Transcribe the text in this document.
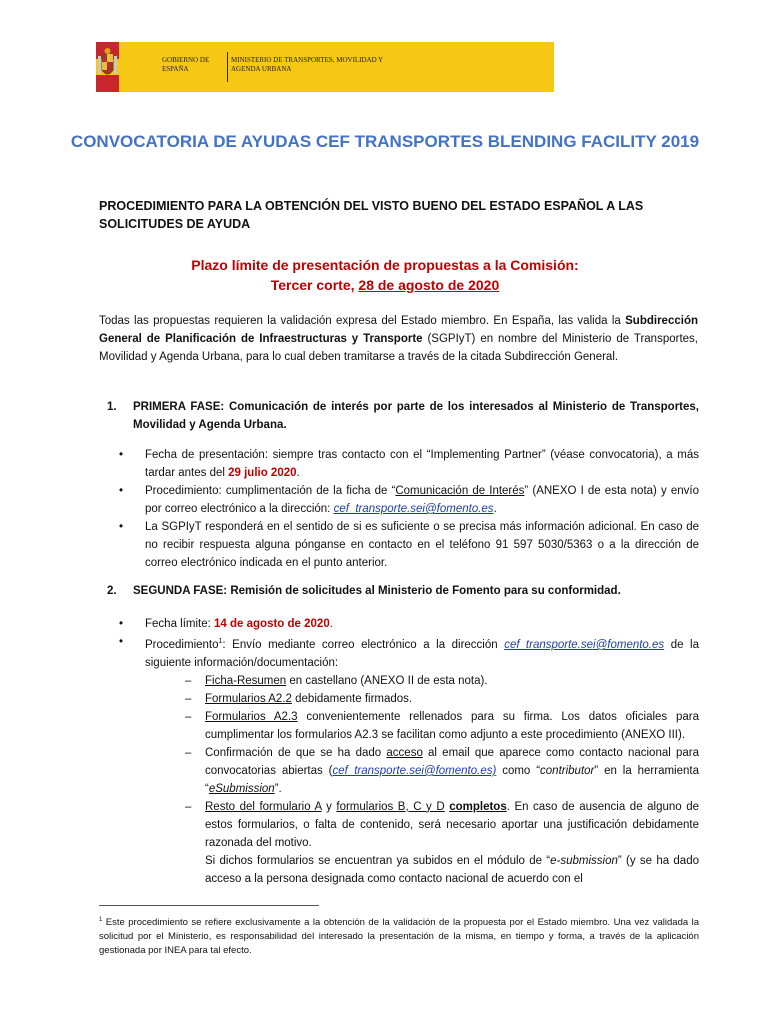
GOBIERNO DE ESPAÑA
MINISTERIO DE TRANSPORTES, MOVILIDAD Y AGENDA URBANA
CONVOCATORIA DE AYUDAS CEF TRANSPORTES BLENDING FACILITY 2019
PROCEDIMIENTO PARA LA OBTENCIÓN DEL VISTO BUENO DEL ESTADO ESPAÑOL A LAS SOLICITUDES DE AYUDA
Plazo límite de presentación de propuestas a la Comisión:
Tercer corte, 28 de agosto de 2020
Todas las propuestas requieren la validación expresa del Estado miembro. En España, las valida la Subdirección General de Planificación de Infraestructuras y Transporte (SGPIyT) en nombre del Ministerio de Transportes, Movilidad y Agenda Urbana, para lo cual deben tramitarse a través de la citada Subdirección General.
1. PRIMERA FASE: Comunicación de interés por parte de los interesados al Ministerio de Transportes, Movilidad y Agenda Urbana.
• Fecha de presentación: siempre tras contacto con el “Implementing Partner” (véase convocatoria), a más tardar antes del 29 julio 2020.
• Procedimiento: cumplimentación de la ficha de “Comunicación de Interés” (ANEXO I de esta nota) y envío por correo electrónico a la dirección: cef_transporte.sei@fomento.es.
• La SGPIyT responderá en el sentido de si es suficiente o se precisa más información adicional. En caso de no recibir respuesta alguna pónganse en contacto en el teléfono 91 597 5030/5363 o a la dirección de correo electrónico indicada en el punto anterior.
2. SEGUNDA FASE: Remisión de solicitudes al Ministerio de Fomento para su conformidad.
• Fecha límite: 14 de agosto de 2020.
• Procedimiento$^1$: Envío mediante correo electrónico a la dirección cef_transporte.sei@fomento.es de la siguiente información/documentación:
– Ficha-Resumen en castellano (ANEXO II de esta nota).
– Formularios A2.2 debidamente firmados.
– Formularios A2.3 convenientemente rellenados para su firma. Los datos oficiales para cumplimentar los formularios A2.3 se facilitan como adjunto a este procedimiento (ANEXO III).
– Confirmación de que se ha dado acceso al email que aparece como contacto nacional para convocatorias abiertas (cef_transporte.sei@fomento.es) como “contributor” en la herramienta “eSubmission”.
– Resto del formulario A y formularios B, C y D completos. En caso de ausencia de alguno de estos formularios, o falta de contenido, será necesario aportar una justificación debidamente razonada del motivo.
Si dichos formularios se encuentran ya subidos en el módulo de “e-submission” (y se ha dado acceso a la persona designada como contacto nacional de acuerdo con el
$^1$ Este procedimiento se refiere exclusivamente a la obtención de la validación de la propuesta por el Estado miembro. Una vez validada la solicitud por el Ministerio, es responsabilidad del interesado la presentación de la misma, en tiempo y forma, a través de la aplicación gestionada por INEA para tal efecto.
